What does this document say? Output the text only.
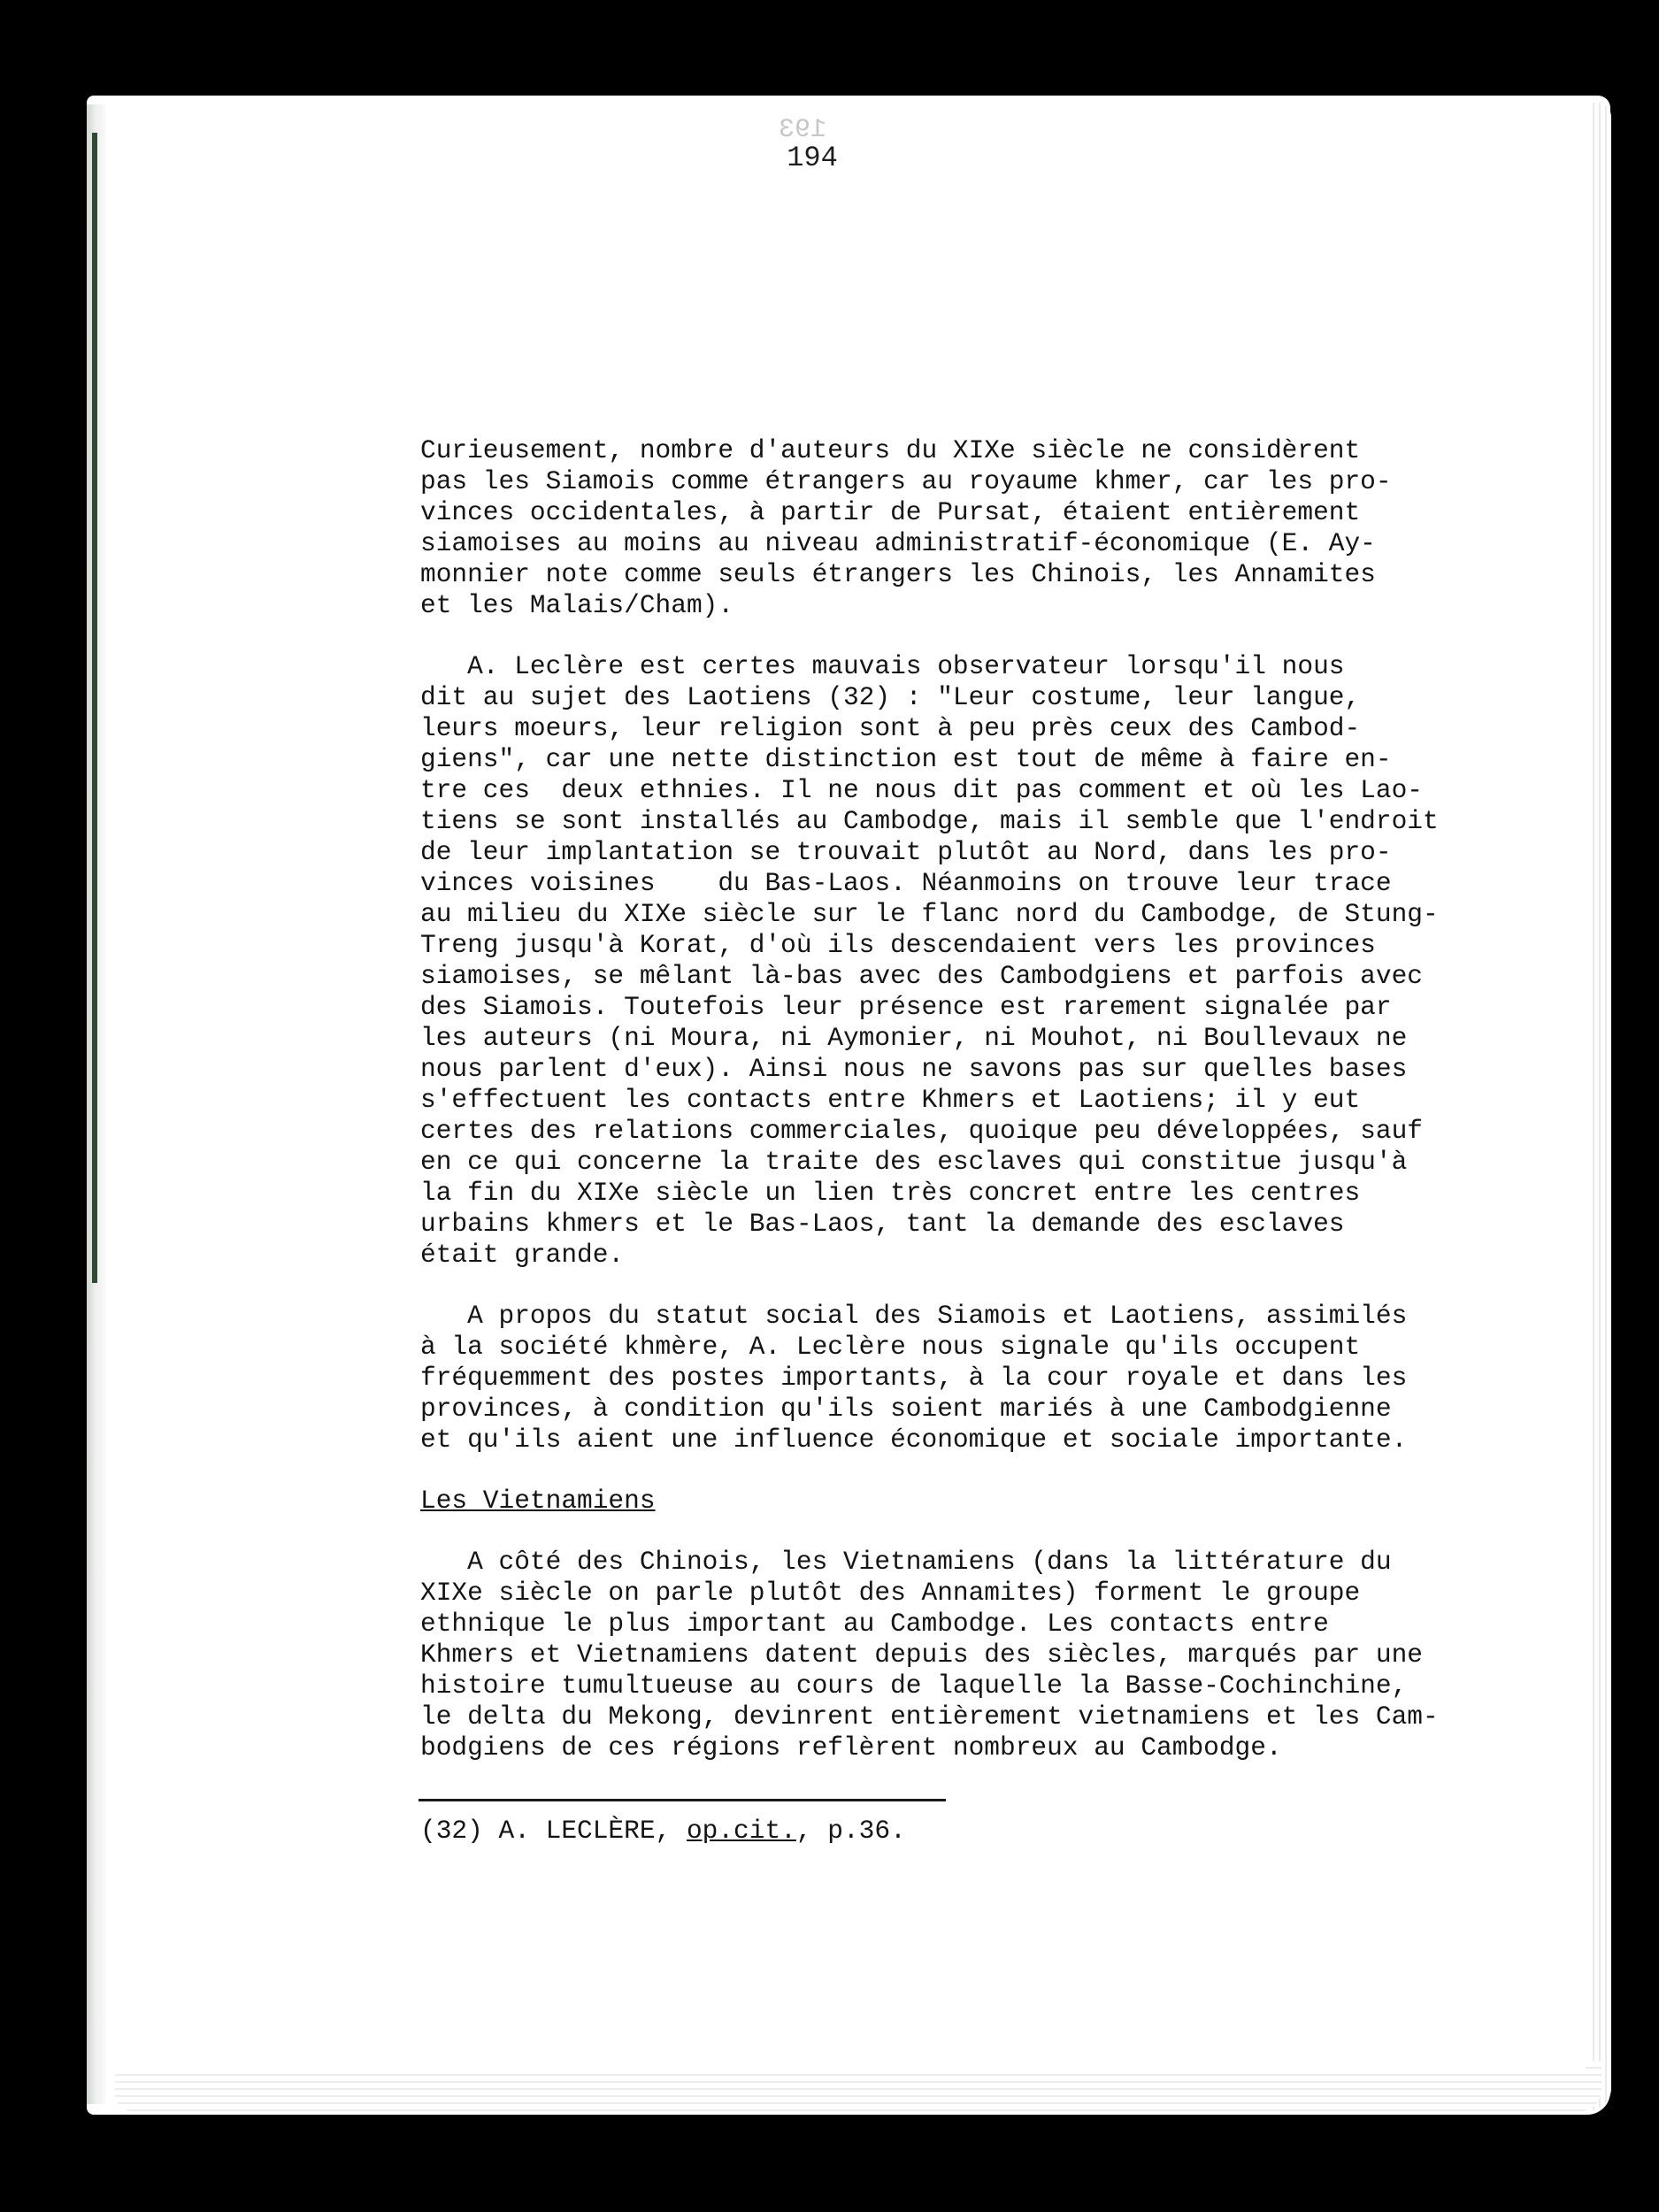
193
194

Curieusement, nombre d'auteurs du XIXe siècle ne considèrent

pas les Siamois comme étrangers au royaume khmer, car les pro-

vinces occidentales, à partir de Pursat, étaient entièrement

siamoises au moins au niveau administratif-économique (E. Ay-

monnier note comme seuls étrangers les Chinois, les Annamites

et les Malais/Cham).

A. Leclère est certes mauvais observateur lorsqu'il nous

dit au sujet des Laotiens (32) : "Leur costume, leur langue,

leurs moeurs, leur religion sont à peu près ceux des Cambod-

giens", car une nette distinction est tout de même à faire en-

tre ces  deux ethnies. Il ne nous dit pas comment et où les Lao-

tiens se sont installés au Cambodge, mais il semble que l'endroit

de leur implantation se trouvait plutôt au Nord, dans les pro-

vinces voisines    du Bas-Laos. Néanmoins on trouve leur trace

au milieu du XIXe siècle sur le flanc nord du Cambodge, de Stung-

Treng jusqu'à Korat, d'où ils descendaient vers les provinces

siamoises, se mêlant là-bas avec des Cambodgiens et parfois avec

des Siamois. Toutefois leur présence est rarement signalée par

les auteurs (ni Moura, ni Aymonier, ni Mouhot, ni Boullevaux ne

nous parlent d'eux). Ainsi nous ne savons pas sur quelles bases

s'effectuent les contacts entre Khmers et Laotiens; il y eut

certes des relations commerciales, quoique peu développées, sauf

en ce qui concerne la traite des esclaves qui constitue jusqu'à

la fin du XIXe siècle un lien très concret entre les centres

urbains khmers et le Bas-Laos, tant la demande des esclaves

était grande.

A propos du statut social des Siamois et Laotiens, assimilés

à la société khmère, A. Leclère nous signale qu'ils occupent

fréquemment des postes importants, à la cour royale et dans les

provinces, à condition qu'ils soient mariés à une Cambodgienne

et qu'ils aient une influence économique et sociale importante.

Les Vietnamiens

A côté des Chinois, les Vietnamiens (dans la littérature du

XIXe siècle on parle plutôt des Annamites) forment le groupe

ethnique le plus important au Cambodge. Les contacts entre

Khmers et Vietnamiens datent depuis des siècles, marqués par une

histoire tumultueuse au cours de laquelle la Basse-Cochinchine,

le delta du Mekong, devinrent entièrement vietnamiens et les Cam-

bodgiens de ces régions reflèrent nombreux au Cambodge.

(32) A. LECLÈRE, op.cit., p.36.
